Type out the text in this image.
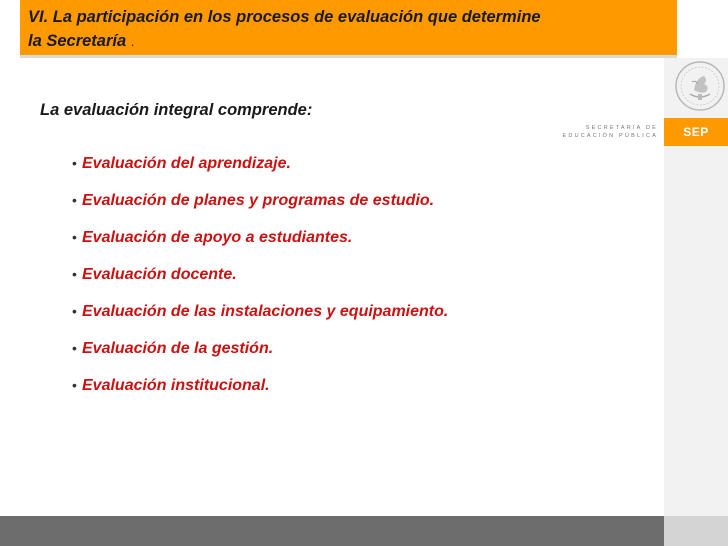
VI. La participación en los procesos de evaluación que determine
la Secretaría .
SEP
SECRETARÍA DE
EDUCACIÓN PÚBLICA
La evaluación integral comprende:
• Evaluación del aprendizaje.
• Evaluación de planes y programas de estudio.
• Evaluación de apoyo a estudiantes.
• Evaluación docente.
• Evaluación de las instalaciones y equipamiento.
• Evaluación de la gestión.
• Evaluación institucional.
